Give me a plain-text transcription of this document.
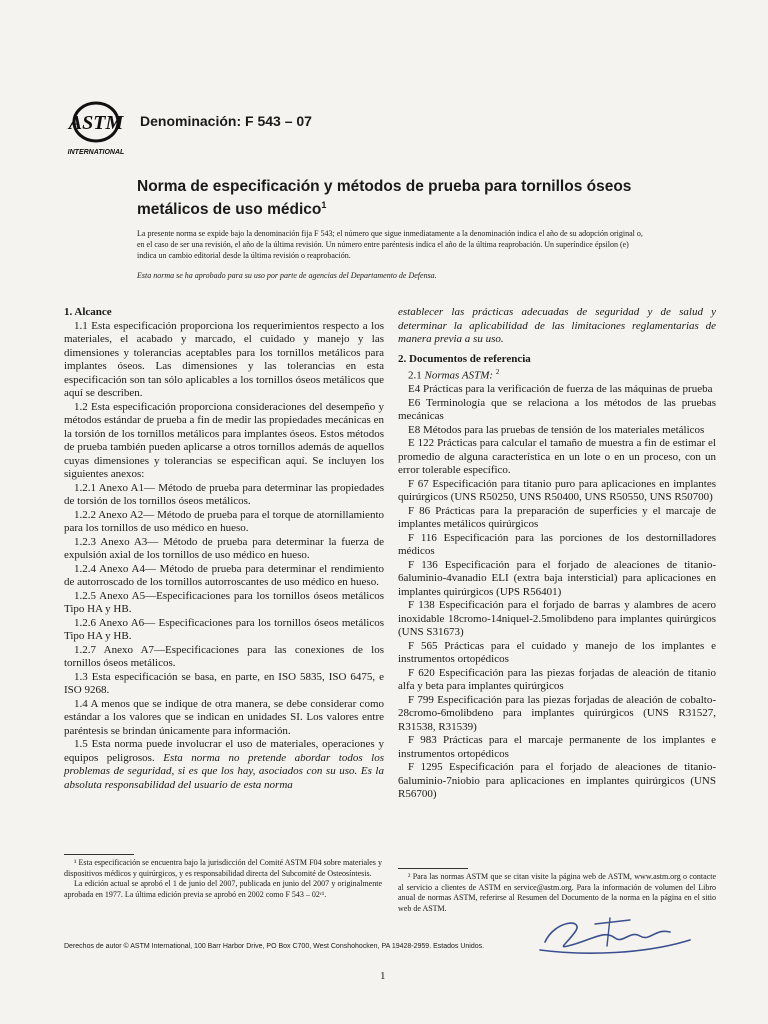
ASTM
INTERNATIONAL
Denominación: F 543 – 07
Norma de especificación y métodos de prueba para tornillos óseos metálicos de uso médico$^1$
La presente norma se expide bajo la denominación fija F 543; el número que sigue inmediatamente a la denominación indica el año de su adopción original o, en el caso de ser una revisión, el año de la última revisión. Un número entre paréntesis indica el año de la última reaprobación. Un superíndice épsilon (e) indica un cambio editorial desde la última revisión o reaprobación.
Esta norma se ha aprobado para su uso por parte de agencias del Departamento de Defensa.

1. Alcance

1.1 Esta especificación proporciona los requerimientos respecto a los materiales, el acabado y marcado, el cuidado y manejo y las dimensiones y tolerancias aceptables para los tornillos metálicos para implantes óseos. Las dimensiones y las tolerancias en esta especificación son tan sólo aplicables a los tornillos óseos metálicos que aquí se describen.

1.2 Esta especificación proporciona consideraciones del desempeño y métodos estándar de prueba a fin de medir las propiedades mecánicas en la torsión de los tornillos metálicos para implantes óseos. Estos métodos de prueba también pueden aplicarse a otros tornillos además de aquellos cuyas dimensiones y tolerancias se especifican aquí. Se incluyen los siguientes anexos:

1.2.1 Anexo A1— Método de prueba para determinar las propiedades de torsión de los tornillos óseos metálicos.

1.2.2 Anexo A2— Método de prueba para el torque de atornillamiento para los tornillos de uso médico en hueso.

1.2.3 Anexo A3— Método de prueba para determinar la fuerza de expulsión axial de los tornillos de uso médico en hueso.

1.2.4 Anexo A4— Método de prueba para determinar el rendimiento de autorroscado de los tornillos autorroscantes de uso médico en hueso.

1.2.5 Anexo A5—Especificaciones para los tornillos óseos metálicos Tipo HA y HB.

1.2.6 Anexo A6— Especificaciones para los tornillos óseos metálicos Tipo HA y HB.

1.2.7 Anexo A7—Especificaciones para las conexiones de los tornillos óseos metálicos.

1.3 Esta especificación se basa, en parte, en ISO 5835, ISO 6475, e ISO 9268.

1.4 A menos que se indique de otra manera, se debe considerar como estándar a los valores que se indican en unidades SI. Los valores entre paréntesis se brindan únicamente para información.

1.5 Esta norma puede involucrar el uso de materiales, operaciones y equipos peligrosos. Esta norma no pretende abordar todos los problemas de seguridad, si es que los hay, asociados con su uso. Es la absoluta responsabilidad del usuario de esta norma

establecer las prácticas adecuadas de seguridad y de salud y determinar la aplicabilidad de las limitaciones reglamentarias de manera previa a su uso.

2. Documentos de referencia

2.1 Normas ASTM: $^2$

E4 Prácticas para la verificación de fuerza de las máquinas de prueba

E6 Terminología que se relaciona a los métodos de las pruebas mecánicas

E8 Métodos para las pruebas de tensión de los materiales metálicos

E 122 Prácticas para calcular el tamaño de muestra a fin de estimar el promedio de alguna característica en un lote o en un proceso, con un error tolerable específico.

F 67 Especificación para titanio puro para aplicaciones en implantes quirúrgicos (UNS R50250, UNS R50400, UNS R50550, UNS R50700)

F 86 Prácticas para la preparación de superficies y el marcaje de implantes metálicos quirúrgicos

F 116 Especificación para las porciones de los destornilladores médicos

F 136 Especificación para el forjado de aleaciones de titanio-6aluminio-4vanadio ELI (extra baja intersticial) para aplicaciones en implantes quirúrgicos (UPS R56401)

F 138 Especificación para el forjado de barras y alambres de acero inoxidable 18cromo-14niquel-2.5molibdeno para implantes quirúrgicos (UNS S31673)

F 565 Prácticas para el cuidado y manejo de los implantes e instrumentos ortopédicos

F 620 Especificación para las piezas forjadas de aleación de titanio alfa y beta para implantes quirúrgicos

F 799 Especificación para las piezas forjadas de aleación de cobalto-28cromo-6molibdeno para implantes quirúrgicos (UNS R31527, R31538, R31539)

F 983 Prácticas para el marcaje permanente de los implantes e instrumentos ortopédicos

F 1295 Especificación para el forjado de aleaciones de titanio-6aluminio-7niobio para aplicaciones en implantes quirúrgicos (UNS R56700)

¹ Esta especificación se encuentra bajo la jurisdicción del Comité ASTM F04 sobre materiales y dispositivos médicos y quirúrgicos, y es responsabilidad directa del Subcomité de Osteosíntesis.

La edición actual se aprobó el 1 de junio del 2007, publicada en junio del 2007 y originalmente aprobada en 1977. La última edición previa se aprobó en 2002 como F 543 – 02ᵋ¹.

² Para las normas ASTM que se citan visite la página web de ASTM, www.astm.org o contacte al servicio a clientes de ASTM en service@astm.org. Para la información de volumen del Libro anual de normas ASTM, referirse al Resumen del Documento de la norma en la página en el sitio web de ASTM.

Derechos de autor © ASTM International, 100 Barr Harbor Drive, PO Box C700, West Conshohocken, PA 19428-2959. Estados Unidos.
1
